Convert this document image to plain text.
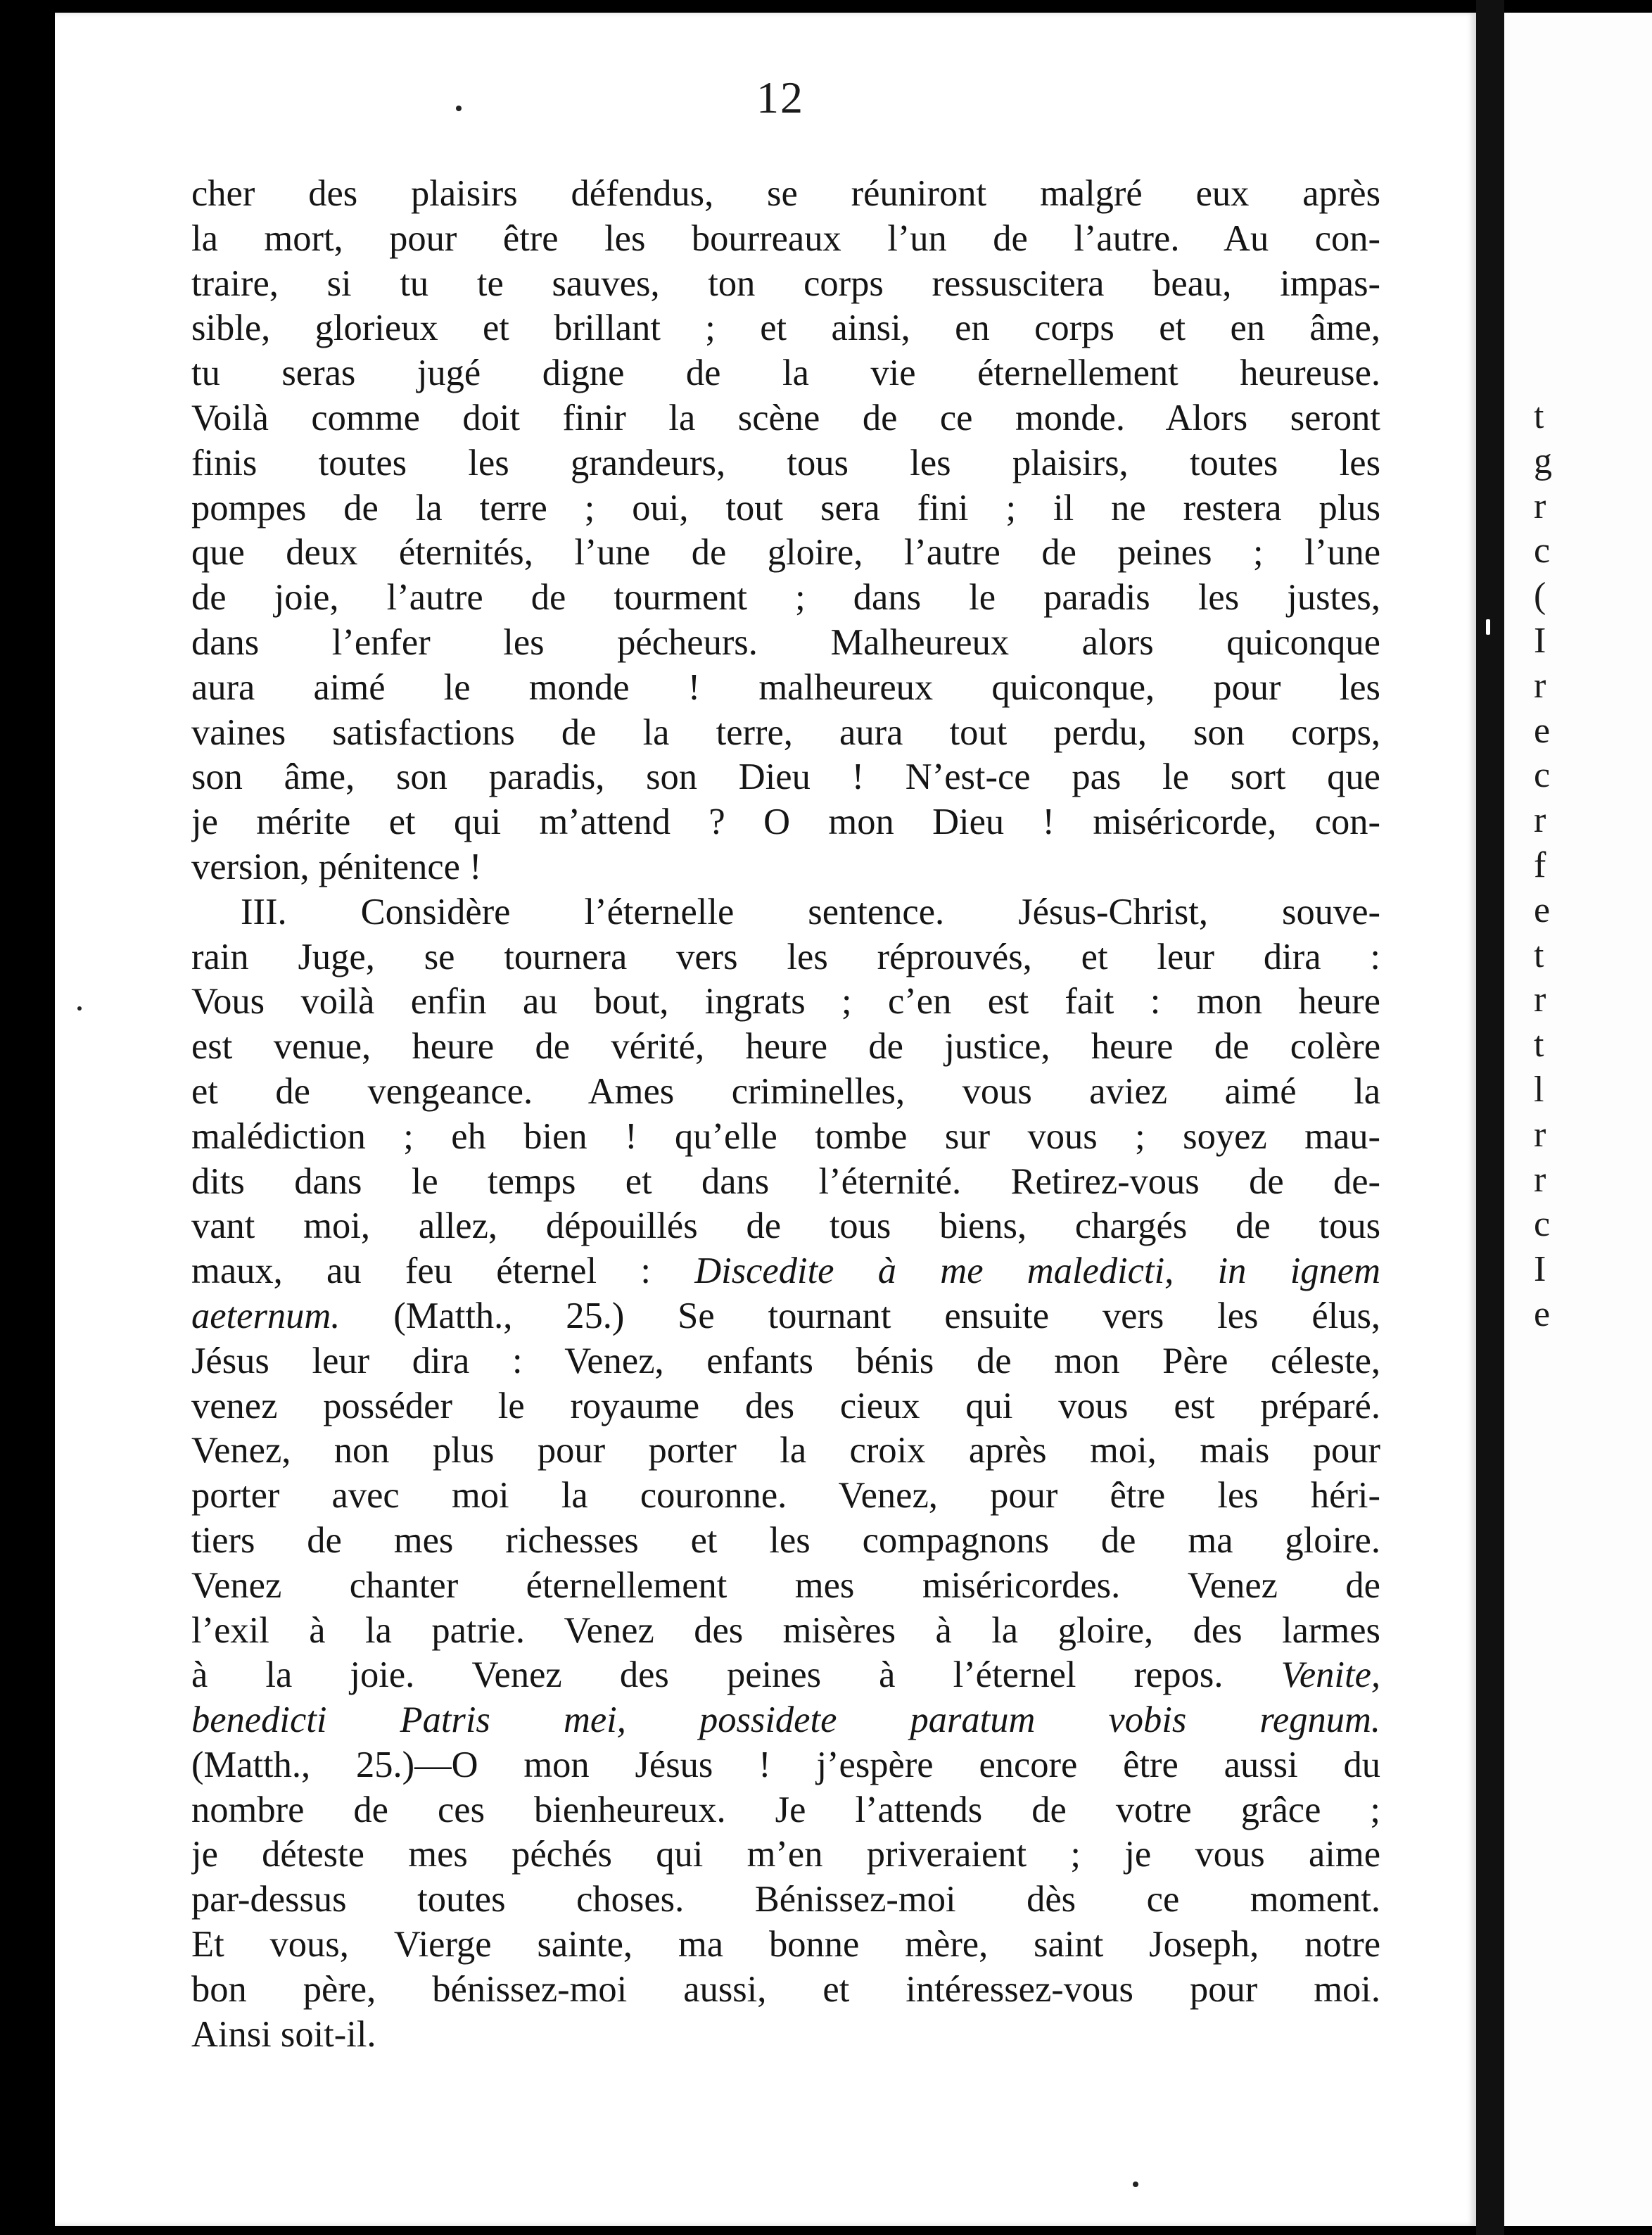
12
cher des plaisirs défendus, se réuniront malgré eux après
la mort, pour être les bourreaux l’un de l’autre. Au con-
traire, si tu te sauves, ton corps ressuscitera beau, impas-
sible, glorieux et brillant ; et ainsi, en corps et en âme,
tu seras jugé digne de la vie éternellement heureuse.
Voilà comme doit finir la scène de ce monde. Alors seront
finis toutes les grandeurs, tous les plaisirs, toutes les
pompes de la terre ; oui, tout sera fini ; il ne restera plus
que deux éternités, l’une de gloire, l’autre de peines ; l’une
de joie, l’autre de tourment ; dans le paradis les justes,
dans l’enfer les pécheurs. Malheureux alors quiconque
aura aimé le monde ! malheureux quiconque, pour les
vaines satisfactions de la terre, aura tout perdu, son corps,
son âme, son paradis, son Dieu ! N’est-ce pas le sort que
je mérite et qui m’attend ? O mon Dieu ! miséricorde, con-
version, pénitence !
III. Considère l’éternelle sentence. Jésus-Christ, souve-
rain Juge, se tournera vers les réprouvés, et leur dira :
Vous voilà enfin au bout, ingrats ; c’en est fait : mon heure
est venue, heure de vérité, heure de justice, heure de colère
et de vengeance. Ames criminelles, vous aviez aimé la
malédiction ; eh bien ! qu’elle tombe sur vous ; soyez mau-
dits dans le temps et dans l’éternité. Retirez-vous de de-
vant moi, allez, dépouillés de tous biens, chargés de tous
maux, au feu éternel : Discedite à me maledicti, in ignem
aeternum. (Matth., 25.) Se tournant ensuite vers les élus,
Jésus leur dira : Venez, enfants bénis de mon Père céleste,
venez posséder le royaume des cieux qui vous est préparé.
Venez, non plus pour porter la croix après moi, mais pour
porter avec moi la couronne. Venez, pour être les héri-
tiers de mes richesses et les compagnons de ma gloire.
Venez chanter éternellement mes miséricordes. Venez de
l’exil à la patrie. Venez des misères à la gloire, des larmes
à la joie. Venez des peines à l’éternel repos. Venite,
benedicti Patris mei, possidete paratum vobis regnum.
(Matth., 25.)—O mon Jésus ! j’espère encore être aussi du
nombre de ces bienheureux. Je l’attends de votre grâce ;
je déteste mes péchés qui m’en priveraient ; je vous aime
par-dessus toutes choses. Bénissez-moi dès ce moment.
Et vous, Vierge sainte, ma bonne mère, saint Joseph, notre
bon père, bénissez-moi aussi, et intéressez-vous pour moi.
Ainsi soit-il.
t
g
r
c
(
I
r
e
c
r
f
e
t
r
t
l
r
r
c
I
e
